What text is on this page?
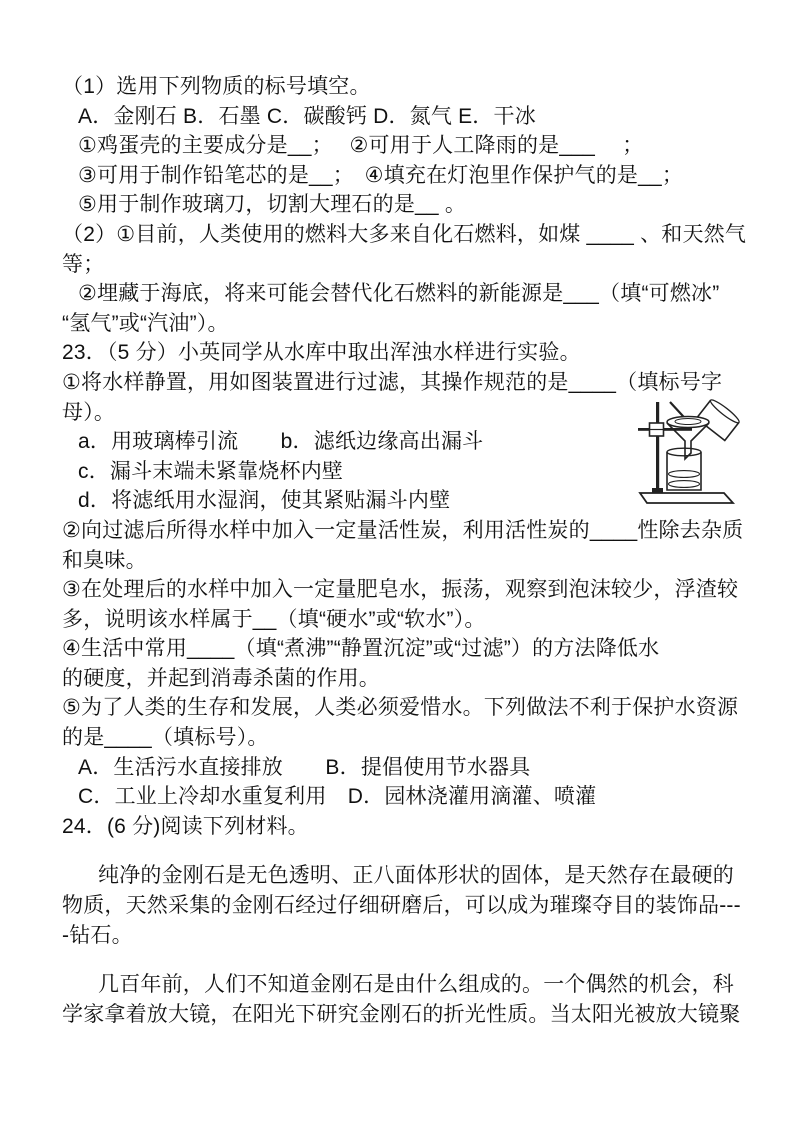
（1）选用下列物质的标号填空。
A．金刚石 B．石墨 C．碳酸钙 D．氮气 E．干冰
①鸡蛋壳的主要成分是__；　 ②可用于人工降雨的是___　 ；
③可用于制作铅笔芯的是__；　④填充在灯泡里作保护气的是__；
⑤用于制作玻璃刀，切割大理石的是__ 。
（2）①目前，人类使用的燃料大多来自化石燃料，如煤 ____ 、和天然气
等；
②埋藏于海底，将来可能会替代化石燃料的新能源是___（填“可燃冰”
“氢气”或“汽油”）。
23．（5 分）小英同学从水库中取出浑浊水样进行实验。
①将水样静置，用如图装置进行过滤，其操作规范的是____（填标号字
母）。
a．用玻璃棒引流　　b．滤纸边缘高出漏斗
c．漏斗末端未紧靠烧杯内壁
d．将滤纸用水湿润，使其紧贴漏斗内壁
②向过滤后所得水样中加入一定量活性炭，利用活性炭的____性除去杂质
和臭味。
③在处理后的水样中加入一定量肥皂水，振荡，观察到泡沫较少，浮渣较
多，说明该水样属于__（填“硬水”或“软水”）。
④生活中常用____（填“煮沸”“静置沉淀”或“过滤”）的方法降低水
的硬度，并起到消毒杀菌的作用。
⑤为了人类的生存和发展，人类必须爱惜水。下列做法不利于保护水资源
的是____（填标号）。
A．生活污水直接排放　　B．提倡使用节水器具
C．工业上冷却水重复利用　D．园林浇灌用滴灌、喷灌
24．(6 分)阅读下列材料。
纯净的金刚石是无色透明、正八面体形状的固体，是天然存在最硬的
物质，天然采集的金刚石经过仔细研磨后，可以成为璀璨夺目的装饰品---
-钻石。
几百年前，人们不知道金刚石是由什么组成的。一个偶然的机会，科
学家拿着放大镜，在阳光下研究金刚石的折光性质。当太阳光被放大镜聚
